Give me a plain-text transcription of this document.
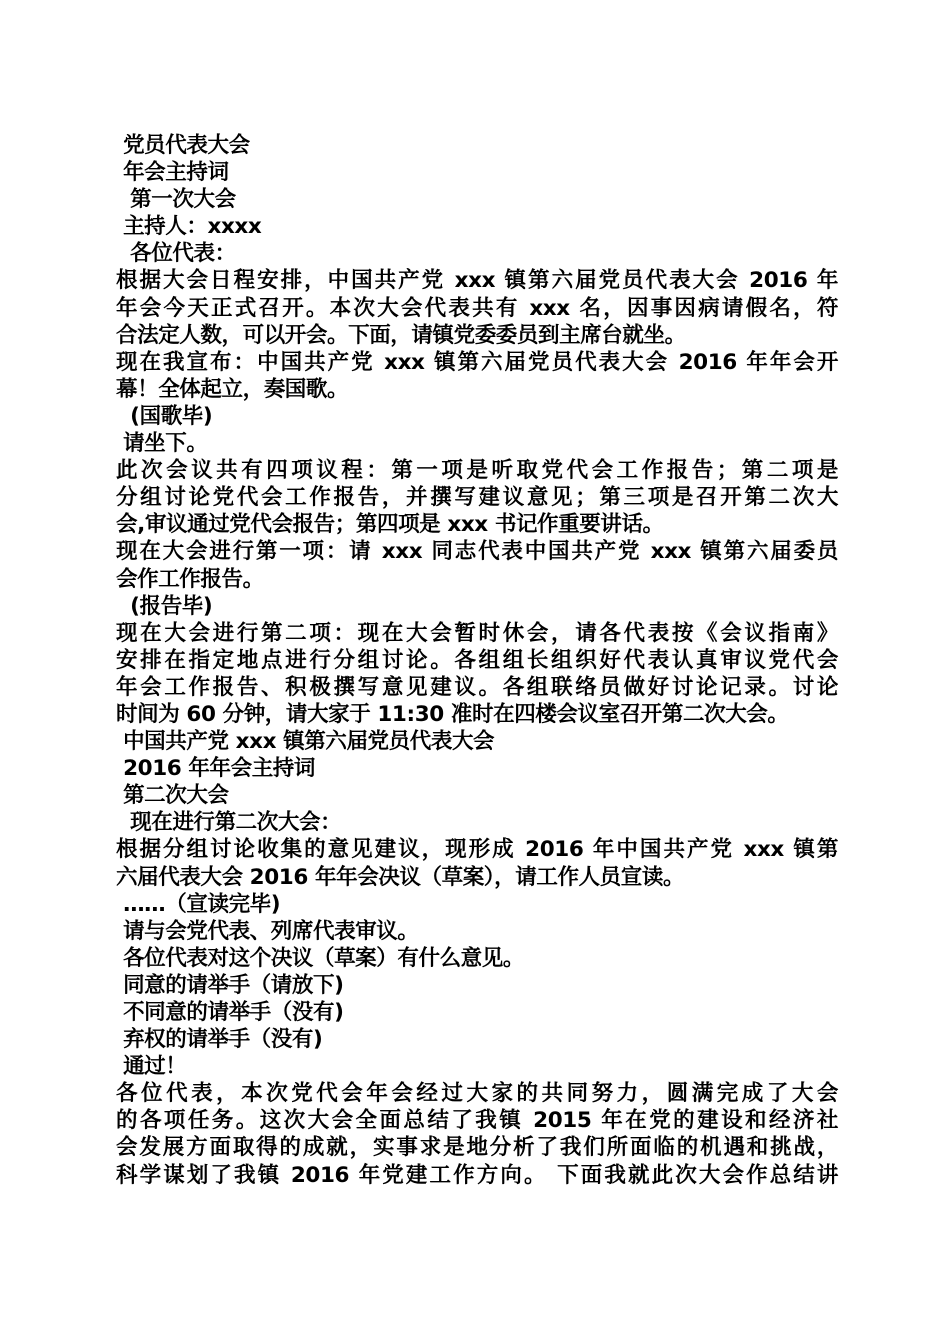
党员代表大会
年会主持词
第一次大会
主持人：xxxx
各位代表：
根据大会日程安排，中国共产党 xxx 镇第六届党员代表大会 2016 年
年会今天正式召开。本次大会代表共有 xxx 名，因事因病请假名，符
合法定人数，可以开会。下面，请镇党委委员到主席台就坐。
现在我宣布：中国共产党 xxx 镇第六届党员代表大会 2016 年年会开
幕！全体起立，奏国歌。
(国歌毕)
请坐下。
此次会议共有四项议程：第一项是听取党代会工作报告；第二项是
分组讨论党代会工作报告，并撰写建议意见；第三项是召开第二次大
会,审议通过党代会报告；第四项是 xxx 书记作重要讲话。
现在大会进行第一项：请 xxx 同志代表中国共产党 xxx 镇第六届委员
会作工作报告。
(报告毕)
现在大会进行第二项：现在大会暂时休会，请各代表按《会议指南》
安排在指定地点进行分组讨论。各组组长组织好代表认真审议党代会
年会工作报告、积极撰写意见建议。各组联络员做好讨论记录。讨论
时间为 60 分钟，请大家于 11:30 准时在四楼会议室召开第二次大会。
中国共产党 xxx 镇第六届党员代表大会
2016 年年会主持词
第二次大会
现在进行第二次大会：
根据分组讨论收集的意见建议，现形成 2016 年中国共产党 xxx 镇第
六届代表大会 2016 年年会决议（草案），请工作人员宣读。
……（宣读完毕)
请与会党代表、列席代表审议。
各位代表对这个决议（草案）有什么意见。
同意的请举手（请放下)
不同意的请举手（没有)
弃权的请举手（没有)
通过！
各位代表，本次党代会年会经过大家的共同努力，圆满完成了大会
的各项任务。这次大会全面总结了我镇 2015 年在党的建设和经济社
会发展方面取得的成就，实事求是地分析了我们所面临的机遇和挑战，
科学谋划了我镇 2016 年党建工作方向。 下面我就此次大会作总结讲
